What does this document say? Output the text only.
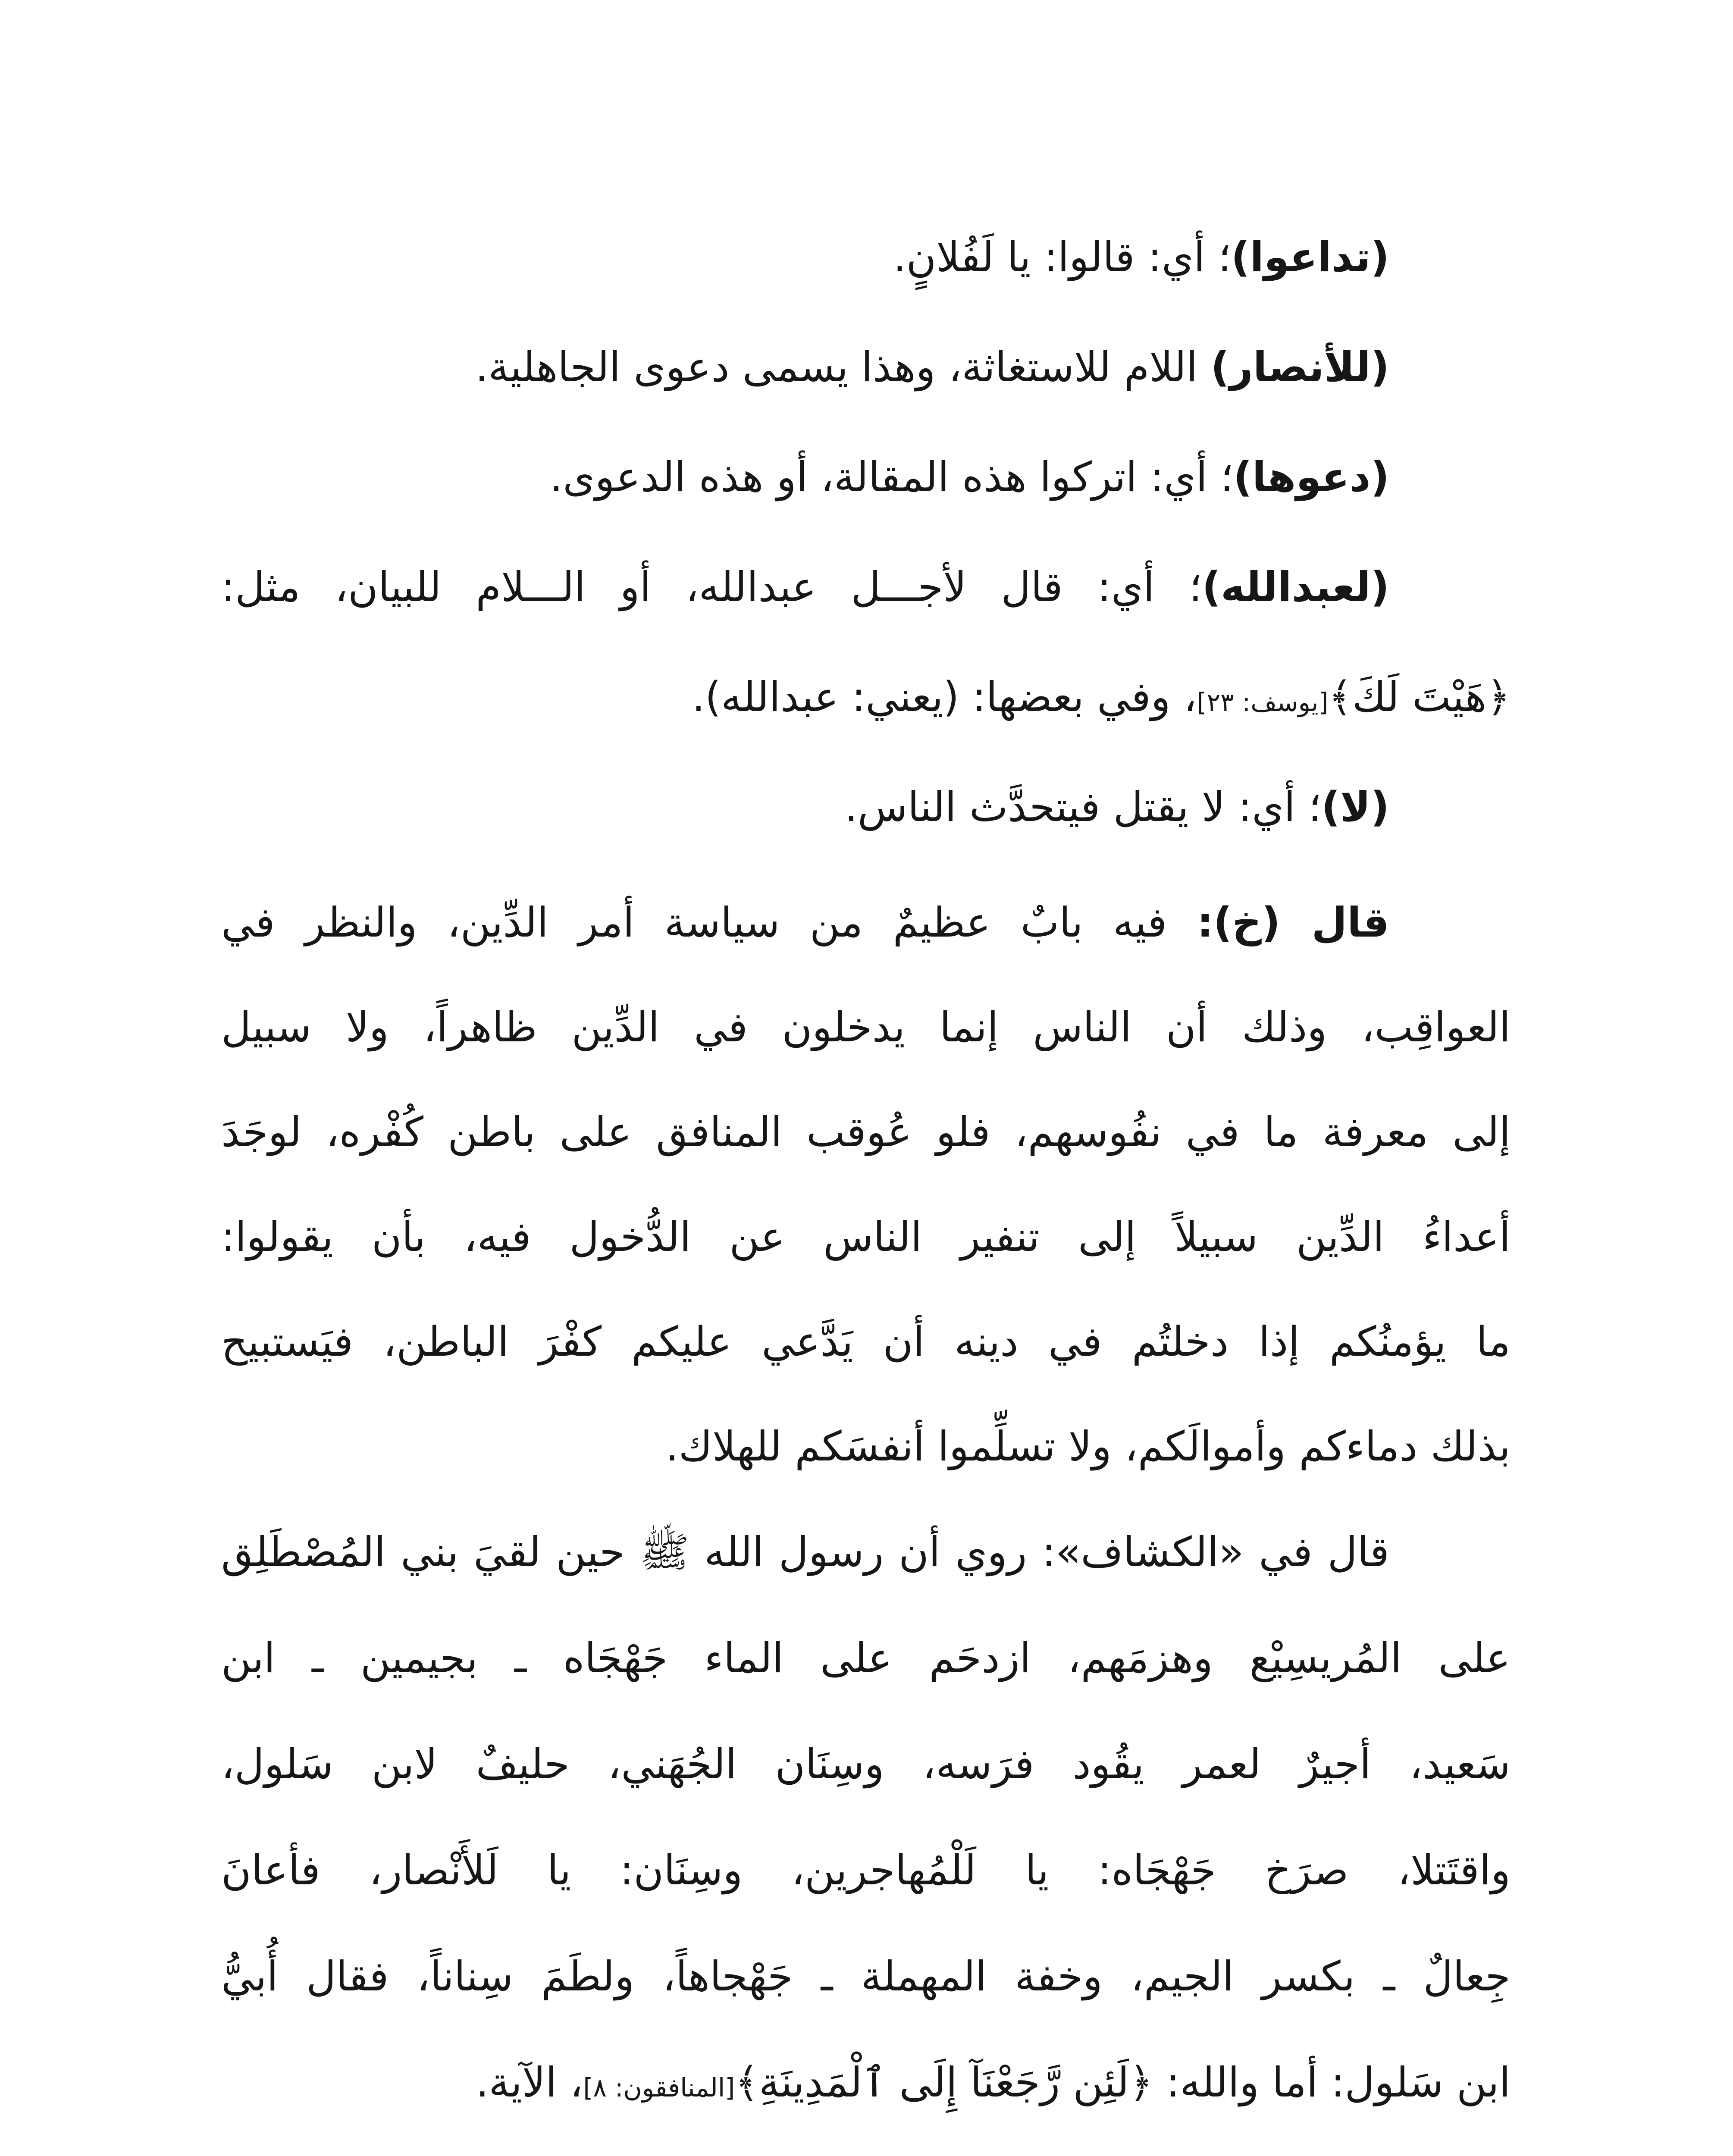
(تداعوا)؛ أي: قالوا: يا لَفُلانٍ.
(للأنصار) اللام للاستغاثة، وهذا يسمى دعوى الجاهلية.
(دعوها)؛ أي: اتركوا هذه المقالة، أو هذه الدعوى.
(لعبدالله)؛ أي: قال لأجـــل عبدالله، أو الـــلام للبيان، مثل:
﴿هَيْتَ لَكَ﴾[يوسف: ٢٣]، وفي بعضها: (يعني: عبدالله).
(لا)؛ أي: لا يقتل فيتحدَّث الناس.
قال (خ): فيه بابٌ عظيمٌ من سياسة أمر الدِّين، والنظر في
العواقِب، وذلك أن الناس إنما يدخلون في الدِّين ظاهراً، ولا سبيل
إلى معرفة ما في نفُوسهم، فلو عُوقب المنافق على باطن كُفْره، لوجَدَ
أعداءُ الدِّين سبيلاً إلى تنفير الناس عن الدُّخول فيه، بأن يقولوا:
ما يؤمنُكم إذا دخلتُم في دينه أن يَدَّعي عليكم كفْرَ الباطن، فيَستبيح
بذلك دماءكم وأموالَكم، ولا تسلِّموا أنفسَكم للهلاك.
قال في «الكشاف»: روي أن رسول الله ﷺ حين لقيَ بني المُصْطَلِق
على المُريسِيْع وهزمَهم، ازدحَم على الماء جَهْجَاه ـ بجيمين ـ ابن
سَعيد، أجيرٌ لعمر يقُود فرَسه، وسِنَان الجُهَني، حليفٌ لابن سَلول،
واقتَتلا، صرَخ جَهْجَاه: يا لَلْمُهاجرين، وسِنَان: يا لَلأَنْصار، فأعانَ
جِعالٌ ـ بكسر الجيم، وخفة المهملة ـ جَهْجاهاً، ولطَمَ سِناناً، فقال أُبيُّ
ابن سَلول: أما والله: ﴿لَئِن رَّجَعْنَآ إِلَى ٱلْمَدِينَةِ﴾[المنافقون: ٨]، الآية.
